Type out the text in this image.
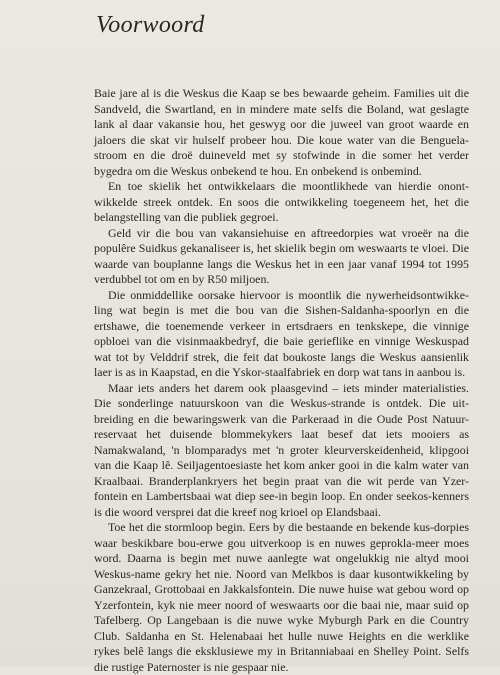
Voorwoord

Baie jare al is die Weskus die Kaap se bes bewaarde geheim. Families uit die Sandveld, die Swartland, en in mindere mate selfs die Boland, wat geslagte lank al daar vakansie hou, het geswyg oor die juweel van groot waarde en jaloers die skat vir hulself probeer hou. Die koue water van die Benguela-stroom en die droë duineveld met sy stofwinde in die somer het verder bygedra om die Weskus onbekend te hou. En onbekend is onbemind.

En toe skielik het ontwikkelaars die moontlikhede van hierdie onont-wikkelde streek ontdek. En soos die ontwikkeling toegeneem het, het die belangstelling van die publiek gegroei.

Geld vir die bou van vakansiehuise en aftreedorpies wat vroeër na die populêre Suidkus gekanaliseer is, het skielik begin om weswaarts te vloei. Die waarde van bouplanne langs die Weskus het in een jaar vanaf 1994 tot 1995 verdubbel tot om en by R50 miljoen.

Die onmiddellike oorsake hiervoor is moontlik die nywerheidsontwikke-ling wat begin is met die bou van die Sishen-Saldanha-spoorlyn en die ertshawe, die toenemende verkeer in ertsdraers en tenkskepe, die vinnige opbloei van die visinmaakbedryf, die baie gerieflike en vinnige Weskuspad wat tot by Velddrif strek, die feit dat boukoste langs die Weskus aansienlik laer is as in Kaapstad, en die Yskor-staalfabriek en dorp wat tans in aanbou is.

Maar iets anders het darem ook plaasgevind – iets minder materialisties. Die sonderlinge natuurskoon van die Weskus-strande is ontdek. Die uit-breiding en die bewaringswerk van die Parkeraad in die Oude Post Natuur-reservaat het duisende blommekykers laat besef dat iets mooiers as Namakwaland, 'n blomparadys met 'n groter kleurverskeidenheid, klipgooi van die Kaap lê. Seiljagentoesiaste het kom anker gooi in die kalm water van Kraalbaai. Branderplankryers het begin praat van die wit perde van Yzer-fontein en Lambertsbaai wat diep see-in begin loop. En onder seekos-kenners is die woord versprei dat die kreef nog krioel op Elandsbaai.

Toe het die stormloop begin. Eers by die bestaande en bekende kus-dorpies waar beskikbare bou-erwe gou uitverkoop is en nuwes geprokla-meer moes word. Daarna is begin met nuwe aanlegte wat ongelukkig nie altyd mooi Weskus-name gekry het nie. Noord van Melkbos is daar kusontwikkeling by Ganzekraal, Grottobaai en Jakkalsfontein. Die nuwe huise wat gebou word op Yzerfontein, kyk nie meer noord of weswaarts oor die baai nie, maar suid op Tafelberg. Op Langebaan is die nuwe wyke Myburgh Park en die Country Club. Saldanha en St. Helenabaai het hulle nuwe Heights en die werklike rykes belê langs die eksklusiewe my in Britanniabaai en Shelley Point. Selfs die rustige Paternoster is nie gespaar nie.
